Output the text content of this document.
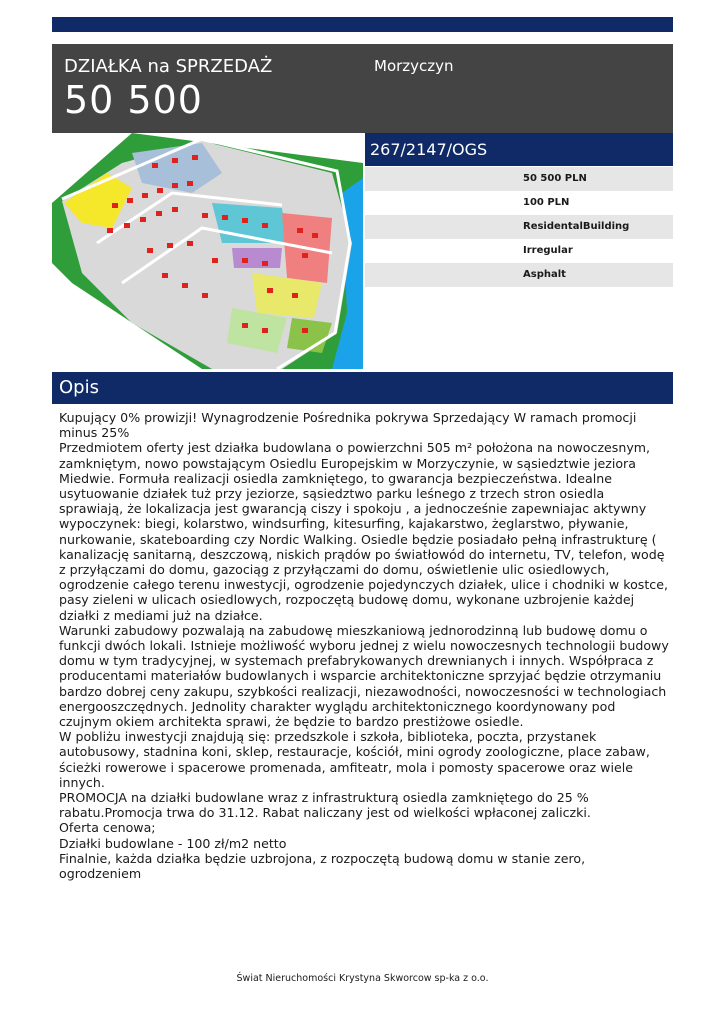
DZIAŁKA na SPRZEDAŻ
50 500
Morzyczyn
267/2147/OGS
50 500 PLN
100 PLN
ResidentalBuilding
Irregular
Asphalt
Opis

Kupujący 0% prowizji! Wynagrodzenie Pośrednika pokrywa Sprzedający W ramach promocji minus 25%

Przedmiotem oferty jest działka budowlana o powierzchni 505 m² położona na nowoczesnym, zamkniętym, nowo powstającym Osiedlu Europejskim w Morzyczynie, w sąsiedztwie jeziora Miedwie. Formuła realizacji osiedla zamkniętego, to gwarancja bezpieczeństwa. Idealne usytuowanie działek tuż przy jeziorze, sąsiedztwo parku leśnego z trzech stron osiedla sprawiają, że lokalizacja jest gwarancją ciszy i spokoju , a jednocześnie zapewniajac aktywny wypoczynek: biegi, kolarstwo, windsurfing, kitesurfing, kajakarstwo, żeglarstwo, pływanie, nurkowanie, skateboarding czy Nordic Walking. Osiedle będzie posiadało pełną infrastrukturę ( kanalizację sanitarną, deszczową, niskich prądów po światłowód do internetu, TV, telefon, wodę z przyłączami do domu, gazociąg z przyłączami do domu, oświetlenie ulic osiedlowych, ogrodzenie całego terenu inwestycji, ogrodzenie pojedynczych działek, ulice i chodniki w kostce, pasy zieleni w ulicach osiedlowych, rozpoczętą budowę domu, wykonane uzbrojenie każdej działki z mediami już na działce.

Warunki zabudowy pozwalają na zabudowę mieszkaniową jednorodzinną lub budowę domu o funkcji dwóch lokali. Istnieje możliwość wyboru jednej z wielu nowoczesnych technologii budowy domu w tym tradycyjnej, w systemach prefabrykowanych drewnianych i innych. Współpraca z producentami materiałów budowlanych i wsparcie architektoniczne sprzyjać będzie otrzymaniu bardzo dobrej ceny zakupu, szybkości realizacji, niezawodności, nowoczesności w technologiach energooszczędnych. Jednolity charakter wyglądu architektonicznego koordynowany pod czujnym okiem architekta sprawi, że będzie to bardzo prestiżowe osiedle.

W pobliżu inwestycji znajdują się: przedszkole i szkoła, biblioteka, poczta, przystanek autobusowy, stadnina koni, sklep, restauracje, kościół, mini ogrody zoologiczne, place zabaw, ścieżki rowerowe i spacerowe promenada, amfiteatr, mola i pomosty spacerowe oraz wiele innych.

PROMOCJA na działki budowlane wraz z infrastrukturą osiedla zamkniętego do 25 % rabatu.Promocja trwa do 31.12. Rabat naliczany jest od wielkości wpłaconej zaliczki.

Oferta cenowa;

Działki budowlane - 100 zł/m2 netto

Finalnie, każda działka będzie uzbrojona, z rozpoczętą budową domu w stanie zero, ogrodzeniem

Świat Nieruchomości Krystyna Skworcow sp-ka z o.o.
